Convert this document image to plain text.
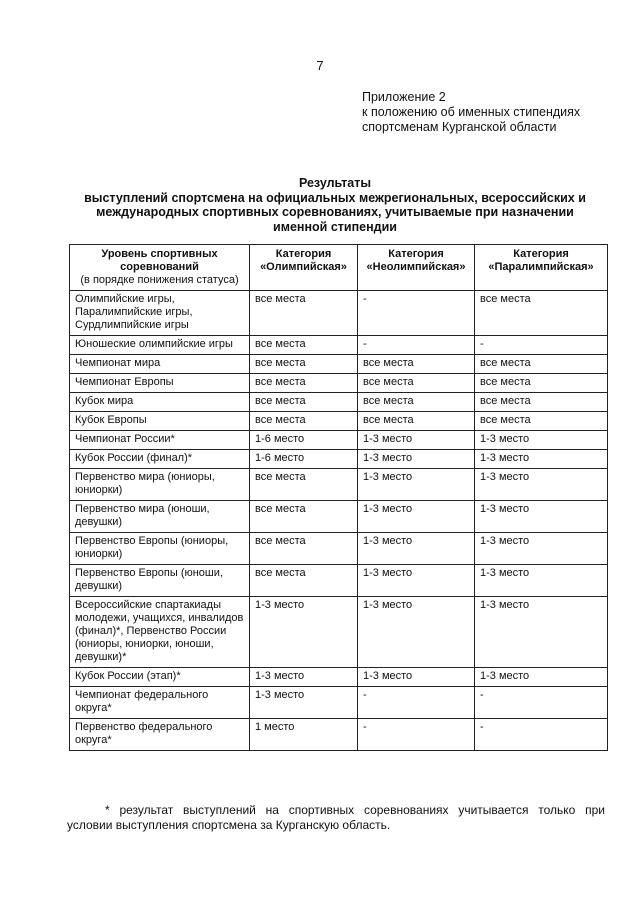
7
Приложение 2
к положению об именных стипендиях
спортсменам Курганской области
Результаты
выступлений спортсмена на официальных межрегиональных, всероссийских и
международных спортивных соревнованиях, учитываемые при назначении
именной стипендии
Уровень спортивных соревнований
(в порядке понижения статуса)	Категория «Олимпийская»	Категория «Неолимпийская»	Категория «Паралимпийская»
Олимпийские игры, Паралимпийские игры, Сурдлимпийские игры	все места	-	все места
Юношеские олимпийские игры	все места	-	-
Чемпионат мира	все места	все места	все места
Чемпионат Европы	все места	все места	все места
Кубок мира	все места	все места	все места
Кубок Европы	все места	все места	все места
Чемпионат России*	1-6 место	1-3 место	1-3 место
Кубок России (финал)*	1-6 место	1-3 место	1-3 место
Первенство мира (юниоры, юниорки)	все места	1-3 место	1-3 место
Первенство мира (юноши, девушки)	все места	1-3 место	1-3 место
Первенство Европы (юниоры, юниорки)	все места	1-3 место	1-3 место
Первенство Европы (юноши, девушки)	все места	1-3 место	1-3 место
Всероссийские спартакиады молодежи, учащихся, инвалидов (финал)*, Первенство России (юниоры, юниорки, юноши, девушки)*	1-3 место	1-3 место	1-3 место
Кубок России (этап)*	1-3 место	1-3 место	1-3 место
Чемпионат федерального округа*	1-3 место	-	-
Первенство федерального округа*	1 место	-	-
* результат выступлений на спортивных соревнованиях учитывается только при
условии выступления спортсмена за Курганскую область.
